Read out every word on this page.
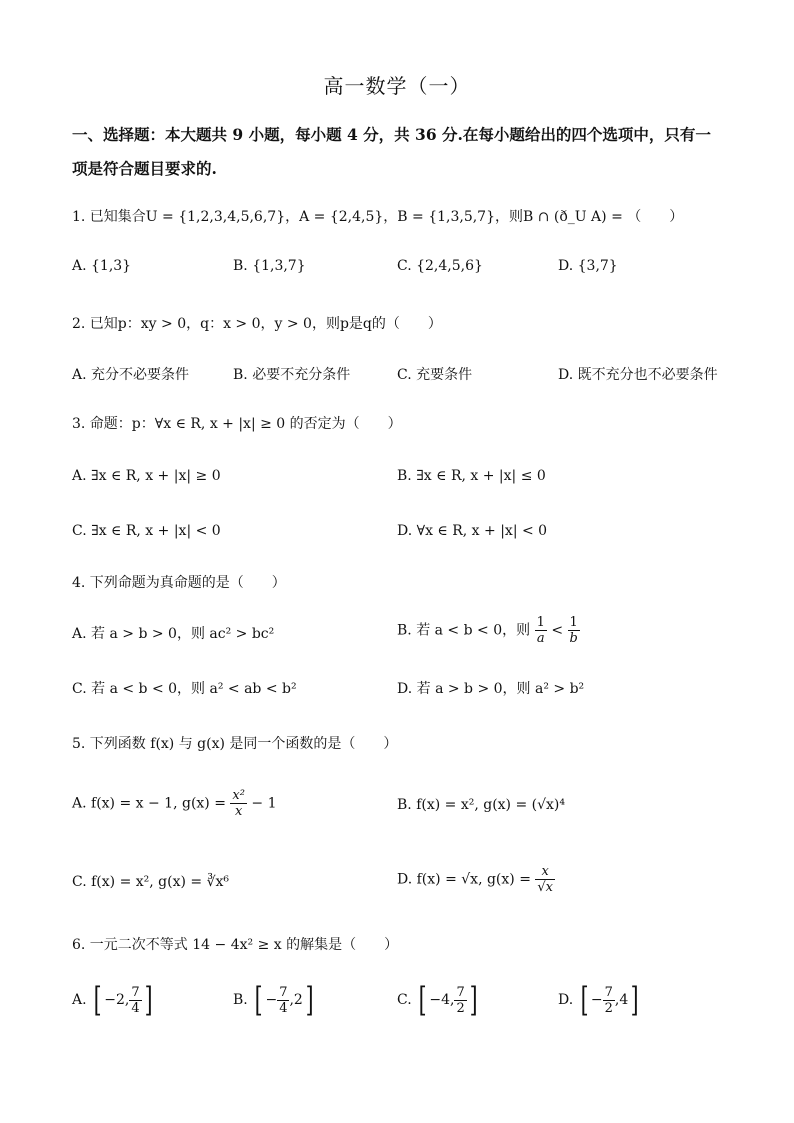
高一数学（一）
一、选择题：本大题共 9 小题，每小题 4 分，共 36 分.在每小题给出的四个选项中，只有一项是符合题目要求的.
1. 已知集合U = {1,2,3,4,5,6,7}，A = {2,4,5}，B = {1,3,5,7}，则B ∩ (ð_U A) = （　　）
A. {1,3}	B. {1,3,7}	C. {2,4,5,6}	D. {3,7}
2. 已知p：xy > 0，q：x > 0，y > 0，则p是q的（　　）
A. 充分不必要条件	B. 必要不充分条件	C. 充要条件	D. 既不充分也不必要条件
3. 命题：p：∀x ∈ R, x + |x| ≥ 0 的否定为（　　）
A. ∃x ∈ R, x + |x| ≥ 0	B. ∃x ∈ R, x + |x| ≤ 0
C. ∃x ∈ R, x + |x| < 0	D. ∀x ∈ R, x + |x| < 0
4. 下列命题为真命题的是（　　）
A. 若 a > b > 0，则 ac² > bc²	B. 若 a < b < 0，则 $\frac{1}{a} < \frac{1}{b}$
C. 若 a < b < 0，则 a² < ab < b²	D. 若 a > b > 0，则 a² > b²
5. 下列函数 f(x) 与 g(x) 是同一个函数的是（　　）
A. f(x) = x − 1, $g(x) = \frac{\text{x²}}{x} - 1$	B. f(x) = x², g(x) = (√x)⁴
C. f(x) = x², g(x) = ∛x⁶	D. f(x) = √x, $g(x) = \frac{x}{√x}$
6. 一元二次不等式 14 − 4x² ≥ x 的解集是（　　）
A. [ −2, $\frac{7}{4}$ ]	B. [ − $\frac{7}{4} ,2$]	C. [ −4, $\frac{7}{2}$ ]	D. [ − $\frac{7}{2} ,4$]
